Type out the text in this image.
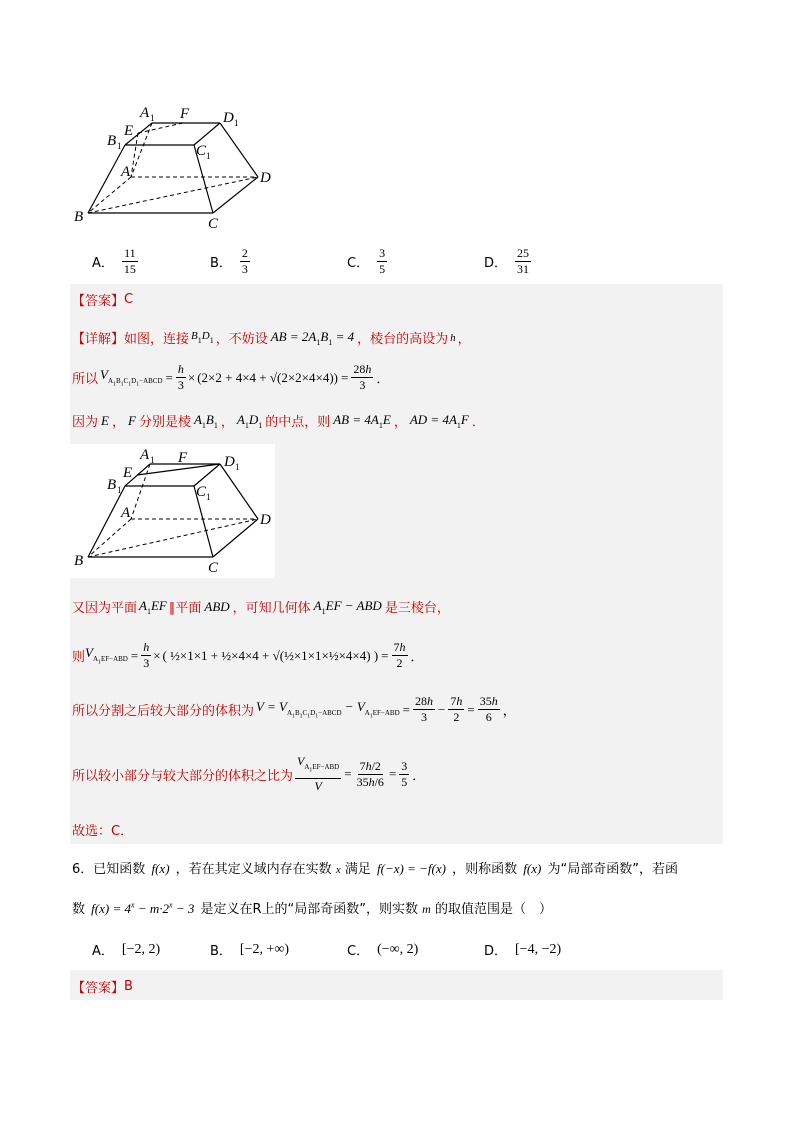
A 1 F D 1
E
B 1	C 1
A	D
B	C
A． $\frac{11}{15}$	B． $\frac{2}{3}$	C． $\frac{3}{5}$	D． $\frac{25}{31}$
【答案】 C
【详解】 如图，连接 $B_1D_1$ ，不妨设 AB = $2A_1B_1 = 4$ ，棱台的高设为 h ，
所以 $V_{A_1B_1C_1D_1-ABCD} = \frac{h}{3} \times (2\times 2 + 4\times 4 + √(2\times 2\times 4\times 4)) = \frac{28h}{3}$ ．
因为 E ， F 分别是棱 $A_1B_1$ ， $A_1D_1$ 的中点，则 AB = $4A_1E$ ， AD = $4A_1F$ ．
A 1 F D 1
E
B 1	C 1
A	D
B	C
又因为平面 $A_1EF$ ∥平面 ABD ，可知几何体 $A_1EF$ − ABD 是三棱台，
则 $V_{A_1EF-ABD} = \frac{h}{3}$ × ( ½×1×1 + ½×4×4 + √(½×1×1×½×4×4) ) = $\frac{7h}{2}$ ．
所以分割之后较大部分的体积为 $V = V_{A_1B_1C_1D_1-ABCD} - V_{A_1EF-ABD} = \frac{28h}{3} - \frac{7h}{2} = \frac{35h}{6}$ ，
所以较小部分与较大部分的体积之比为 $\frac{V_{A_1EF-ABD}}{V} = \frac{7h/2}{35h/6} = \frac{3}{5}$ ．
故选：C．
6．已知函数 f(x) ，若在其定义域内存在实数 x 满足 f(−x) = −f(x) ，则称函数 f(x) 为“局部奇函数”，若函
数 $f(x) = 4^x - m\cdot 2^x - 3$ 是定义在R上的“局部奇函数”，则实数 m 的取值范围是（　）
A． [−2, 2)	B． [−2, +∞)	C． (−∞, 2)	D． [−4, −2)
【答案】 B
